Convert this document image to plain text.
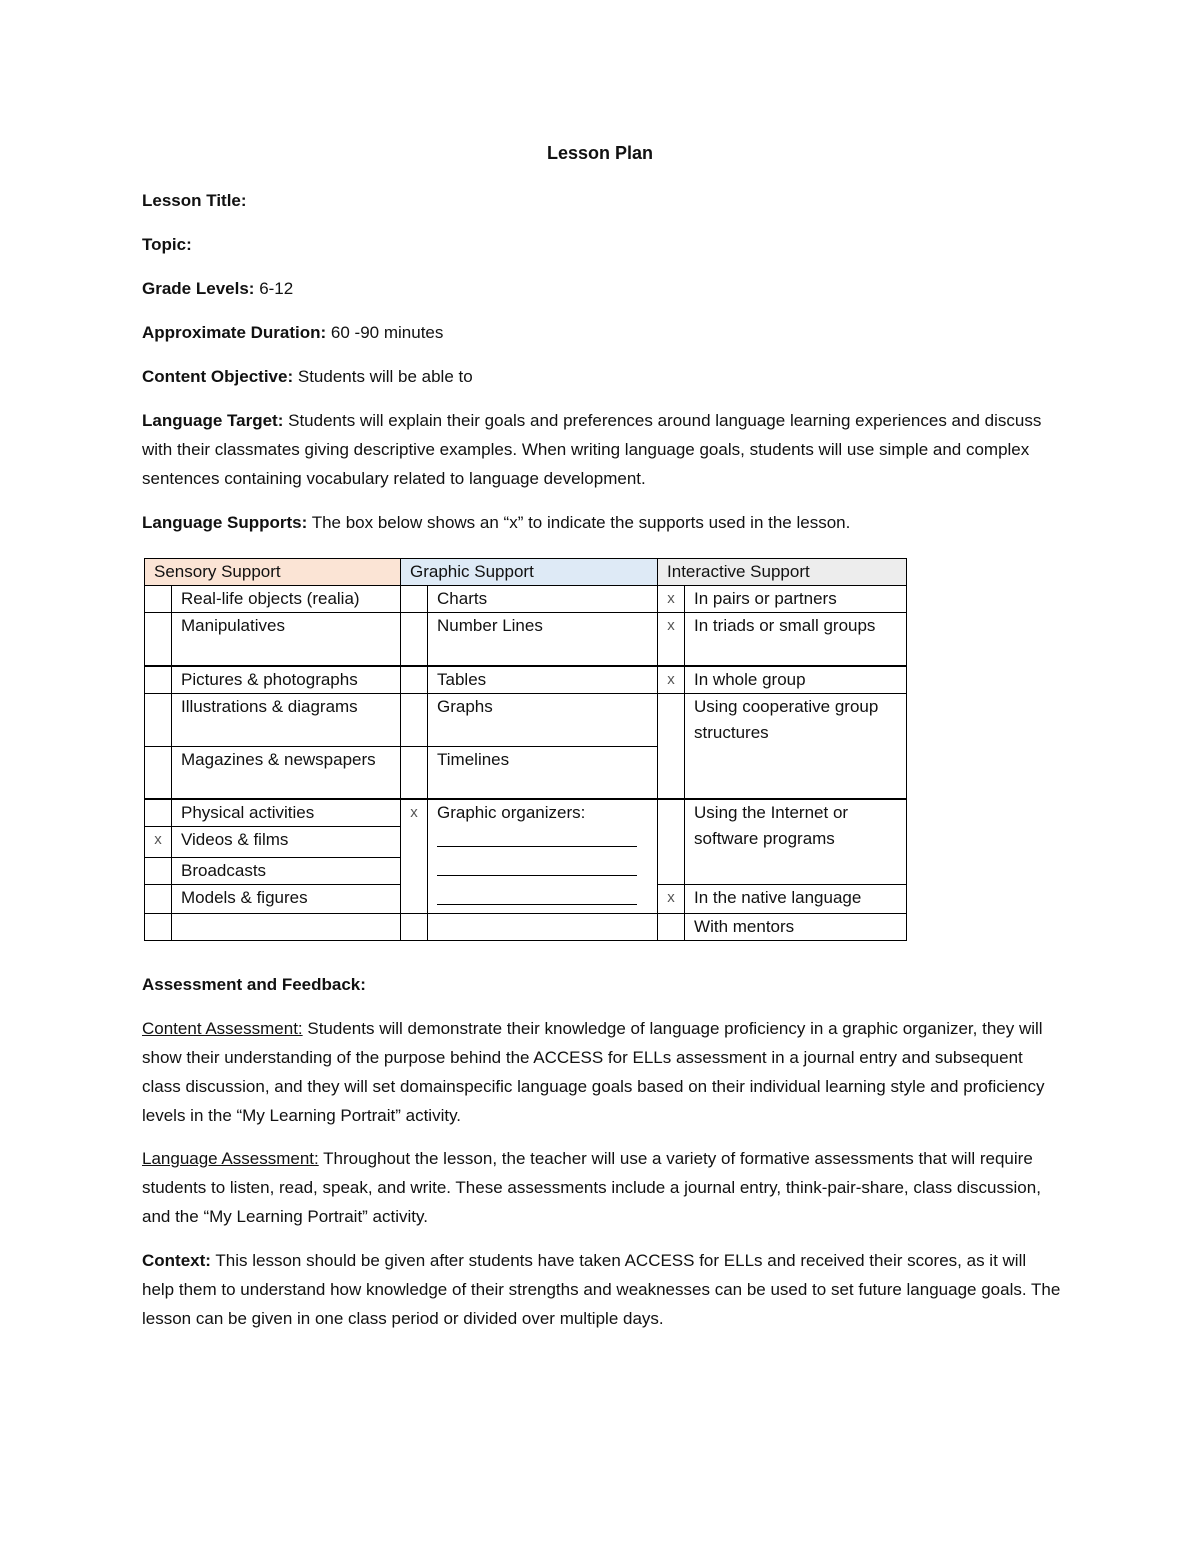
Lesson Plan
Lesson Title:
Topic:
Grade Levels: 6-12
Approximate Duration: 60 -90 minutes
Content Objective: Students will be able to
Language Target: Students will explain their goals and preferences around language learning experiences and discuss with their classmates giving descriptive examples. When writing language goals, students will use simple and complex sentences containing vocabulary related to language development.
Language Supports: The box below shows an “x” to indicate the supports used in the lesson.
Sensory Support		Graphic Support		Interactive Support	
	Real-life objects (realia)		Charts	x	In pairs or partners
	Manipulatives		Number Lines	x	In triads or small groups
	Pictures & photographs		Tables	x	In whole group
	Illustrations & diagrams		Graphs		Using cooperative group structures
	Magazines & newspapers		Timelines		
	Physical activities	x	Graphic organizers:		Using the Internet or software programs
x	Videos & films				
	Broadcasts				
	Models & figures			x	In the native language
					With mentors
Assessment and Feedback:
Content Assessment: Students will demonstrate their knowledge of language proficiency in a graphic organizer, they will show their understanding of the purpose behind the ACCESS for ELLs assessment in a journal entry and subsequent class discussion, and they will set domainspecific language goals based on their individual learning style and proficiency levels in the “My Learning Portrait” activity.
Language Assessment: Throughout the lesson, the teacher will use a variety of formative assessments that will require students to listen, read, speak, and write. These assessments include a journal entry, think-pair-share, class discussion, and the “My Learning Portrait” activity.
Context: This lesson should be given after students have taken ACCESS for ELLs and received their scores, as it will help them to understand how knowledge of their strengths and weaknesses can be used to set future language goals. The lesson can be given in one class period or divided over multiple days.
